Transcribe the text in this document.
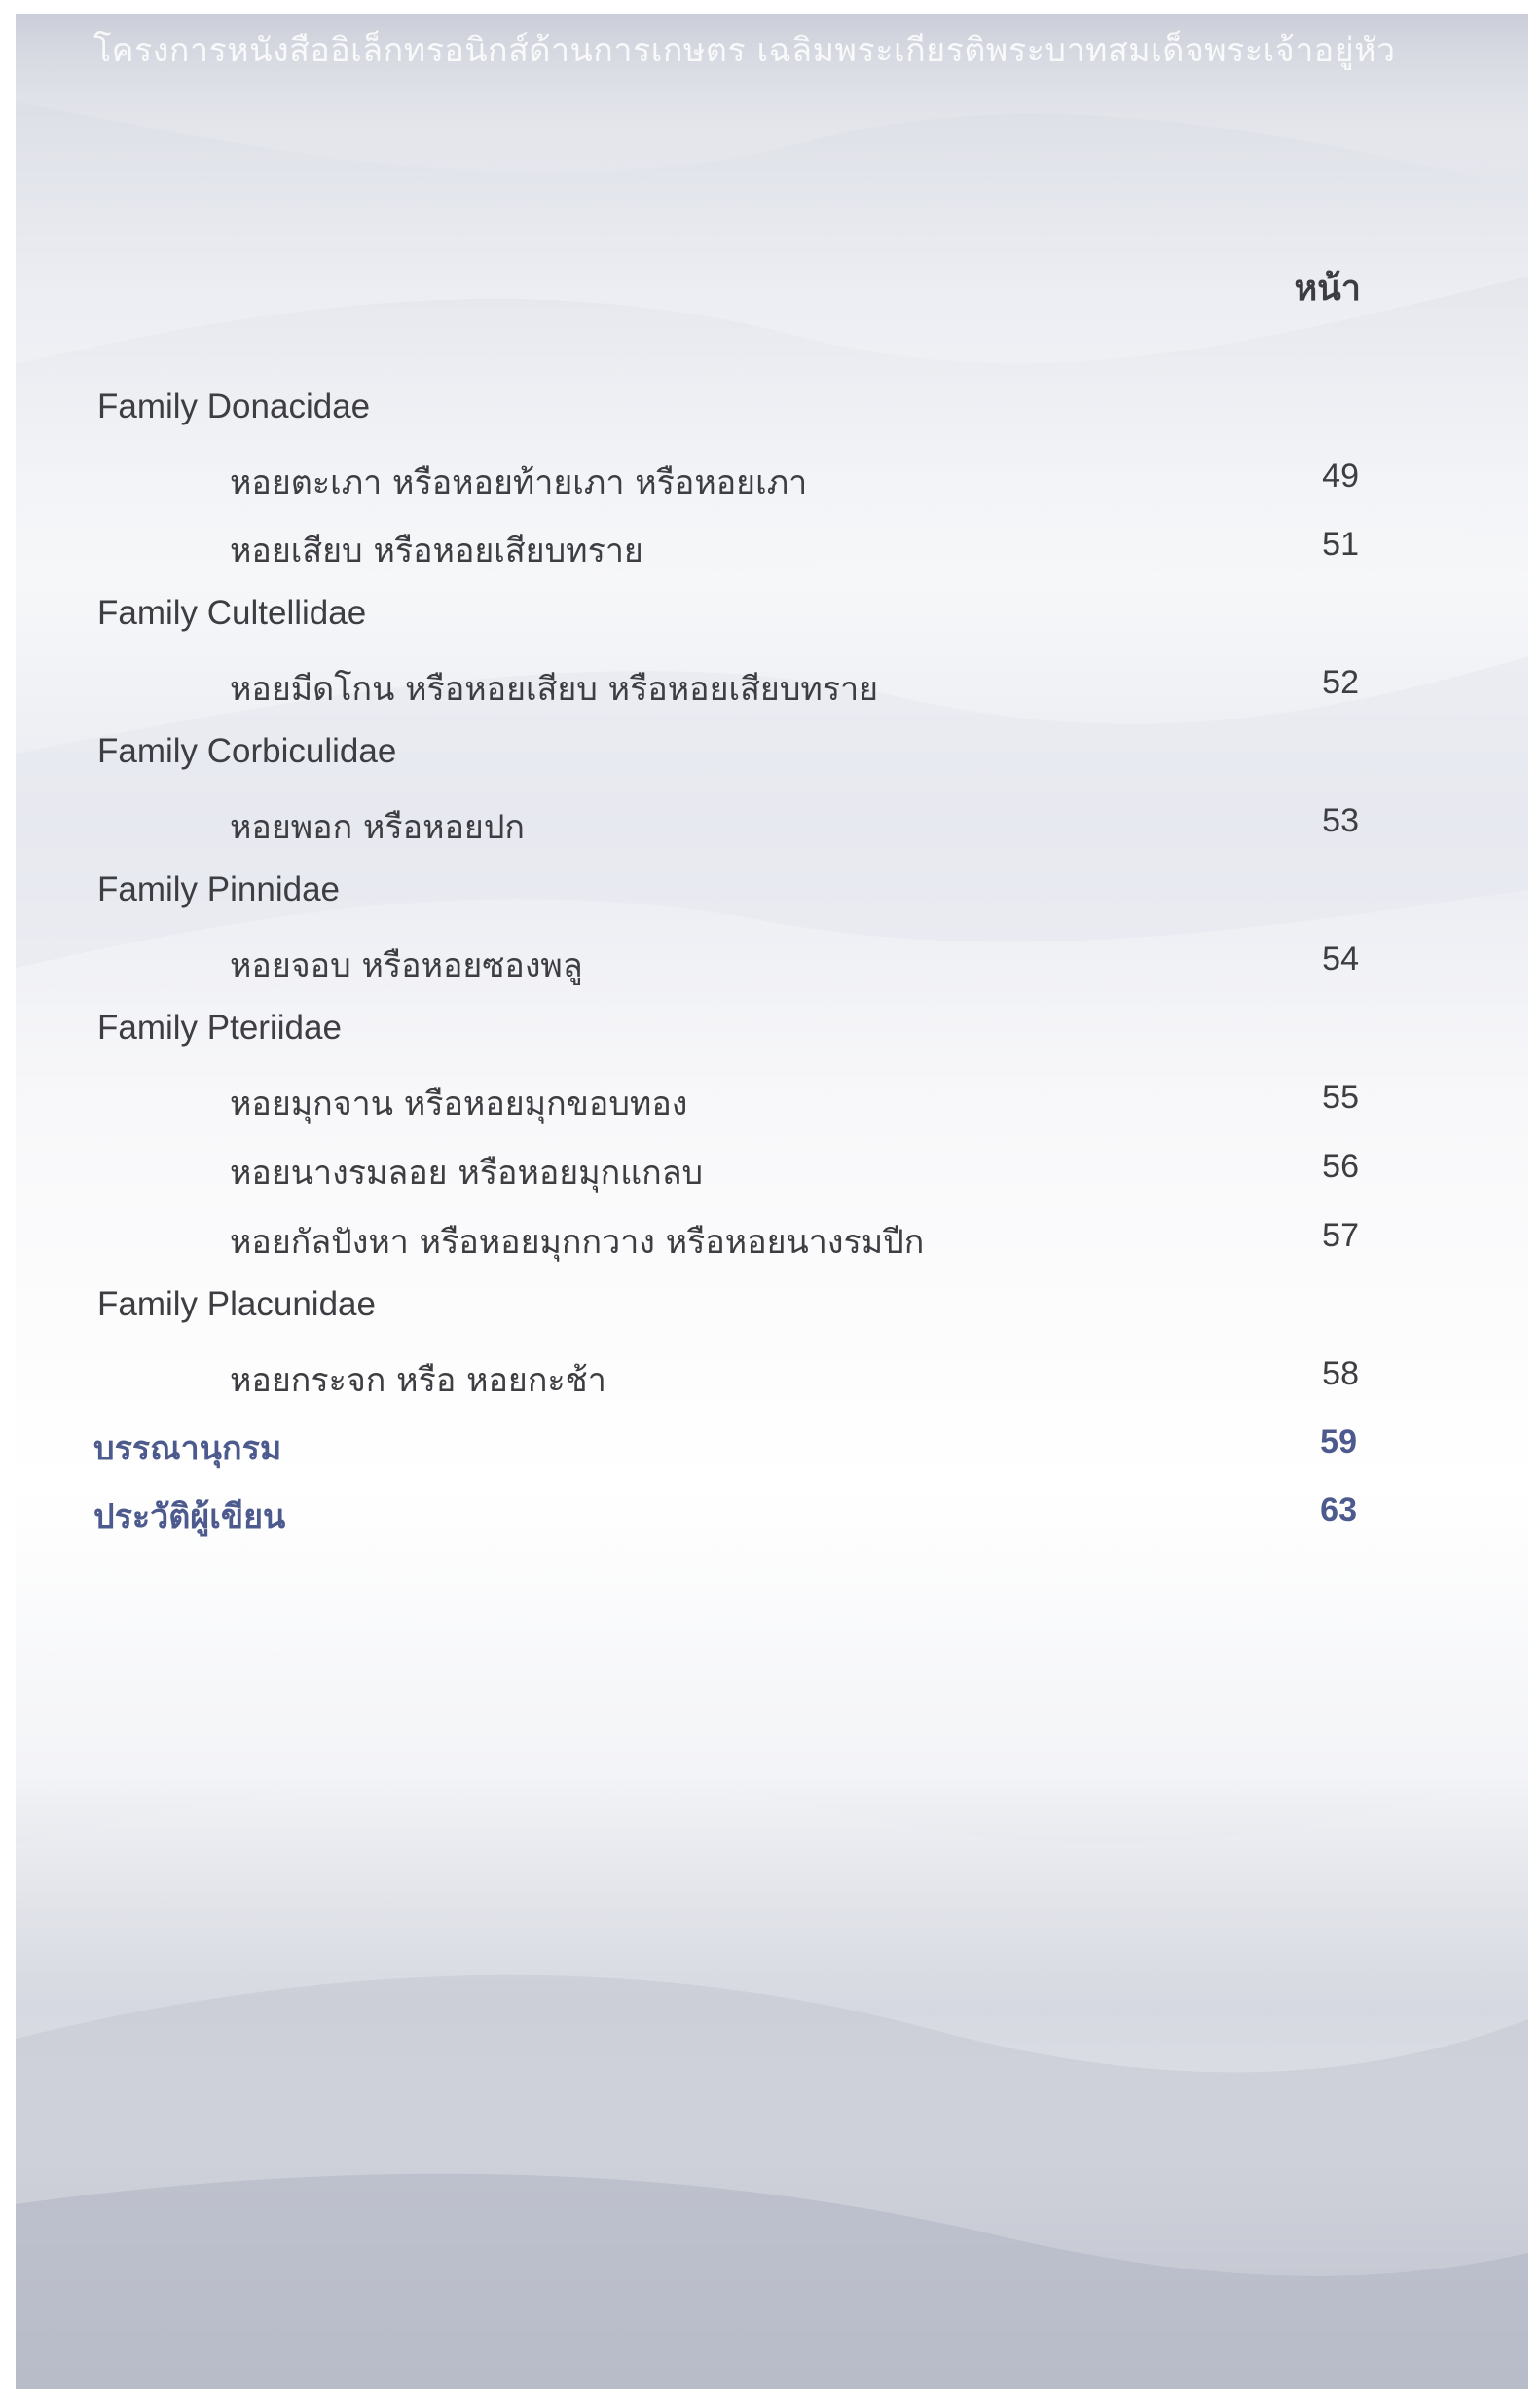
โครงการหนังสืออิเล็กทรอนิกส์ด้านการเกษตร เฉลิมพระเกียรติพระบาทสมเด็จพระเจ้าอยู่หัว
หน้า
Family Donacidae
หอยตะเภา หรือหอยท้ายเภา หรือหอยเภา	49
หอยเสียบ หรือหอยเสียบทราย	51
Family Cultellidae
หอยมีดโกน หรือหอยเสียบ หรือหอยเสียบทราย	52
Family Corbiculidae
หอยพอก หรือหอยปก	53
Family Pinnidae
หอยจอบ หรือหอยซองพลู	54
Family Pteriidae
หอยมุกจาน หรือหอยมุกขอบทอง	55
หอยนางรมลอย หรือหอยมุกแกลบ	56
หอยกัลปังหา หรือหอยมุกกวาง หรือหอยนางรมปีก	57
Family Placunidae
หอยกระจก หรือ หอยกะช้า	58
บรรณานุกรม	59
ประวัติผู้เขียน	63
